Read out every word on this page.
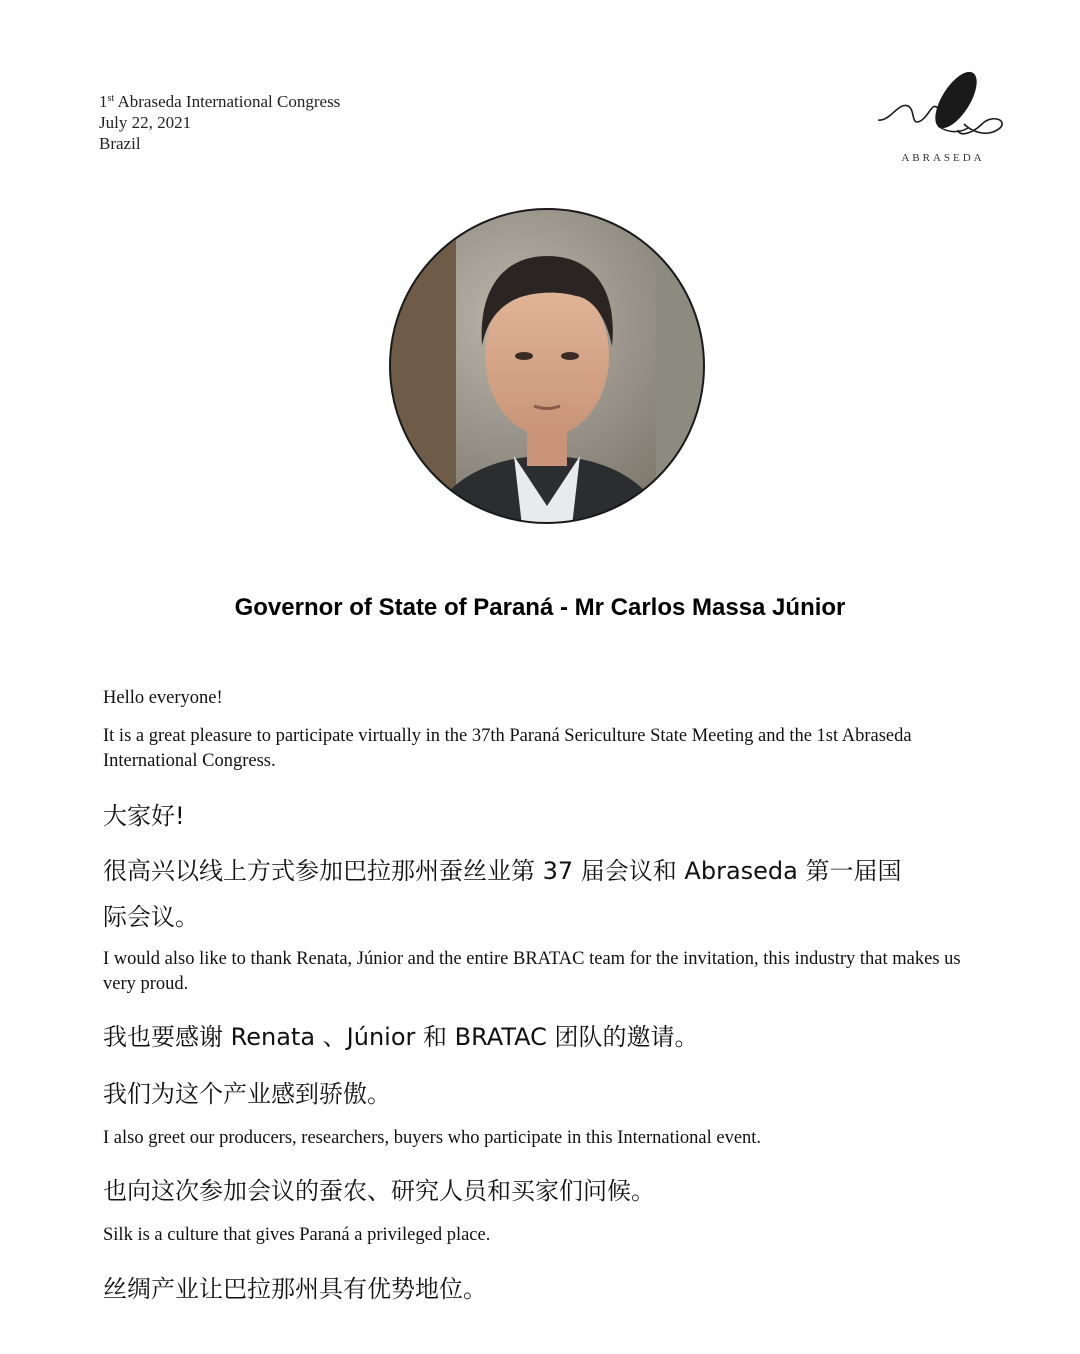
1st Abraseda International Congress
July 22, 2021
Brazil
ABRASEDA
Governor of State of Paraná - Mr Carlos Massa Júnior
Hello everyone!
It is a great pleasure to participate virtually in the 37th Paraná Sericulture State Meeting and the 1st Abraseda International Congress.
大家好!
很高兴以线上方式参加巴拉那州蚕丝业第 37 届会议和 Abraseda 第一届国际会议。
I would also like to thank Renata, Júnior and the entire BRATAC team for the invitation, this industry that makes us very proud.
我也要感谢 Renata 、Júnior 和 BRATAC 团队的邀请。
我们为这个产业感到骄傲。
I also greet our producers, researchers, buyers who participate in this International event.
也向这次参加会议的蚕农、研究人员和买家们问候。
Silk is a culture that gives Paraná a privileged place.
丝绸产业让巴拉那州具有优势地位。
